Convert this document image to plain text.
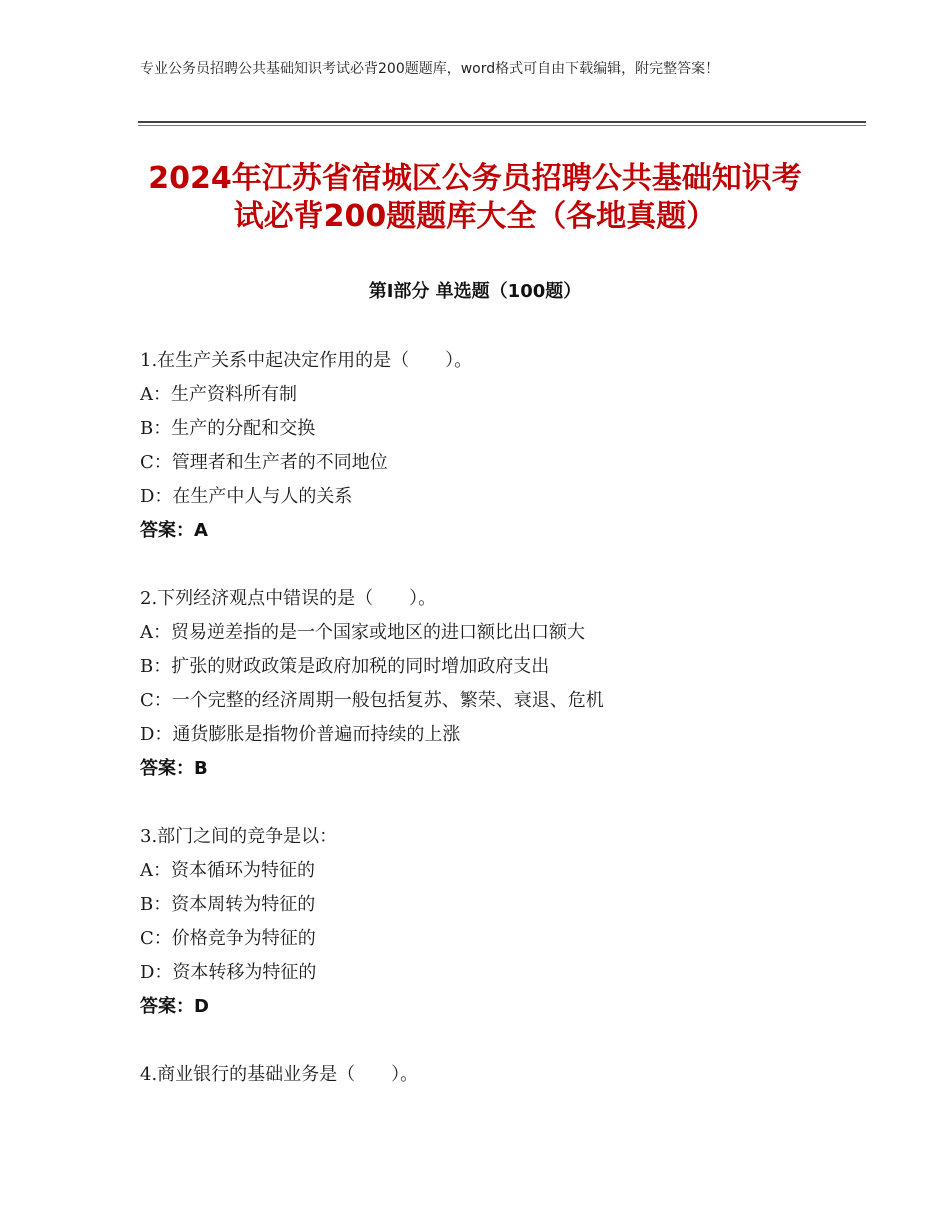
专业公务员招聘公共基础知识考试必背200题题库，word格式可自由下载编辑，附完整答案！
2024年江苏省宿城区公务员招聘公共基础知识考试必背200题题库大全（各地真题）
第Ⅰ部分 单选题（100题）
1.在生产关系中起决定作用的是（　　）。
A：生产资料所有制
B：生产的分配和交换
C：管理者和生产者的不同地位
D：在生产中人与人的关系
答案：A
2.下列经济观点中错误的是（　　）。
A：贸易逆差指的是一个国家或地区的进口额比出口额大
B：扩张的财政政策是政府加税的同时增加政府支出
C：一个完整的经济周期一般包括复苏、繁荣、衰退、危机
D：通货膨胀是指物价普遍而持续的上涨
答案：B
3.部门之间的竞争是以：
A：资本循环为特征的
B：资本周转为特征的
C：价格竞争为特征的
D：资本转移为特征的
答案：D
4.商业银行的基础业务是（　　）。
